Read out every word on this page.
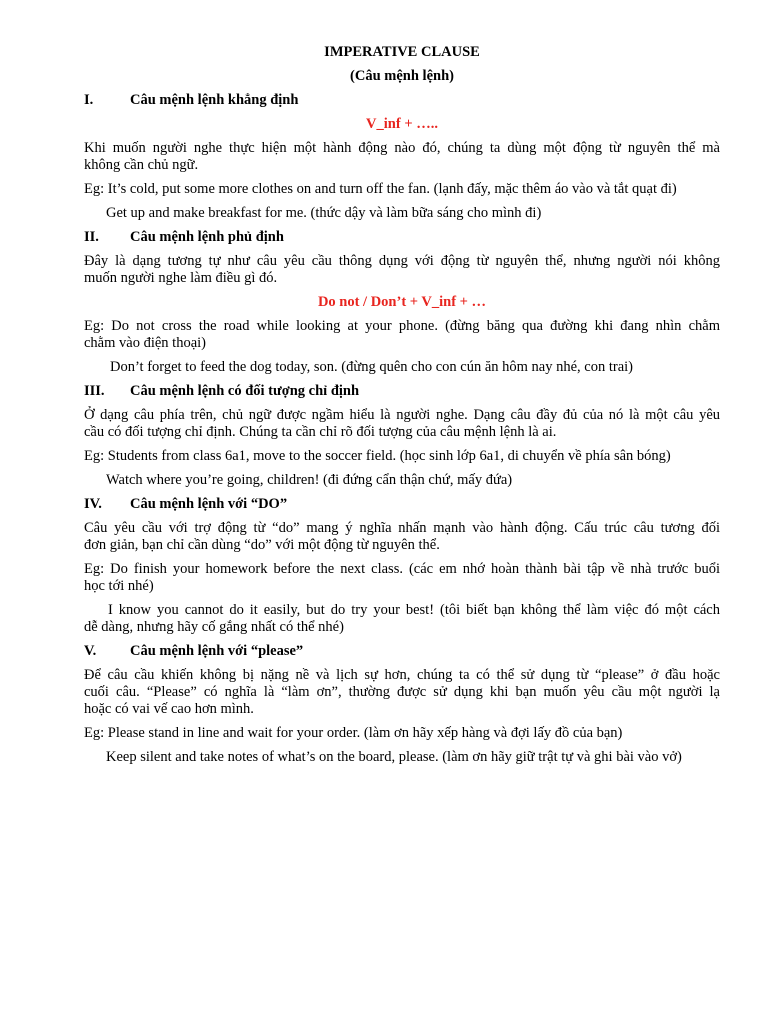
IMPERATIVE CLAUSE
(Câu mệnh lệnh)
I.	Câu mệnh lệnh khẳng định
V_inf + …..
Khi muốn người nghe thực hiện một hành động nào đó, chúng ta dùng một động từ nguyên thể mà
không cần chủ ngữ.
Eg: It’s cold, put some more clothes on and turn off the fan. (lạnh đấy, mặc thêm áo vào và tắt quạt đi)
Get up and make breakfast for me. (thức dậy và làm bữa sáng cho mình đi)
II. Câu mệnh lệnh phủ định
Đây là dạng tương tự như câu yêu cầu thông dụng với động từ nguyên thể, nhưng người nói không
muốn người nghe làm điều gì đó.
Do not / Don’t + V_inf + …
Eg: Do not cross the road while looking at your phone. (đừng băng qua đường khi đang nhìn chằm
chằm vào điện thoại)
Don’t forget to feed the dog today, son. (đừng quên cho con cún ăn hôm nay nhé, con trai)
III. Câu mệnh lệnh có đối tượng chỉ định
Ở dạng câu phía trên, chủ ngữ được ngầm hiểu là người nghe. Dạng câu đầy đủ của nó là một câu yêu
cầu có đối tượng chỉ định. Chúng ta cần chỉ rõ đối tượng của câu mệnh lệnh là ai.
Eg: Students from class 6a1, move to the soccer field. (học sinh lớp 6a1, di chuyển về phía sân bóng)
Watch where you’re going, children! (đi đứng cẩn thận chứ, mấy đứa)
IV. Câu mệnh lệnh với “DO”
Câu yêu cầu với trợ động từ “do” mang ý nghĩa nhấn mạnh vào hành động. Cấu trúc câu tương đối
đơn giản, bạn chỉ cần dùng “do” với một động từ nguyên thể.
Eg: Do finish your homework before the next class. (các em nhớ hoàn thành bài tập về nhà trước buổi
học tới nhé)
I know you cannot do it easily, but do try your best! (tôi biết bạn không thể làm việc đó một cách
dễ dàng, nhưng hãy cố gắng nhất có thể nhé)
V. Câu mệnh lệnh với “please”
Để câu cầu khiến không bị nặng nề và lịch sự hơn, chúng ta có thể sử dụng từ “please” ở đầu hoặc
cuối câu. “Please” có nghĩa là “làm ơn”, thường được sử dụng khi bạn muốn yêu cầu một người lạ
hoặc có vai vế cao hơn mình.
Eg: Please stand in line and wait for your order. (làm ơn hãy xếp hàng và đợi lấy đồ của bạn)
Keep silent and take notes of what’s on the board, please. (làm ơn hãy giữ trật tự và ghi bài vào vở)
